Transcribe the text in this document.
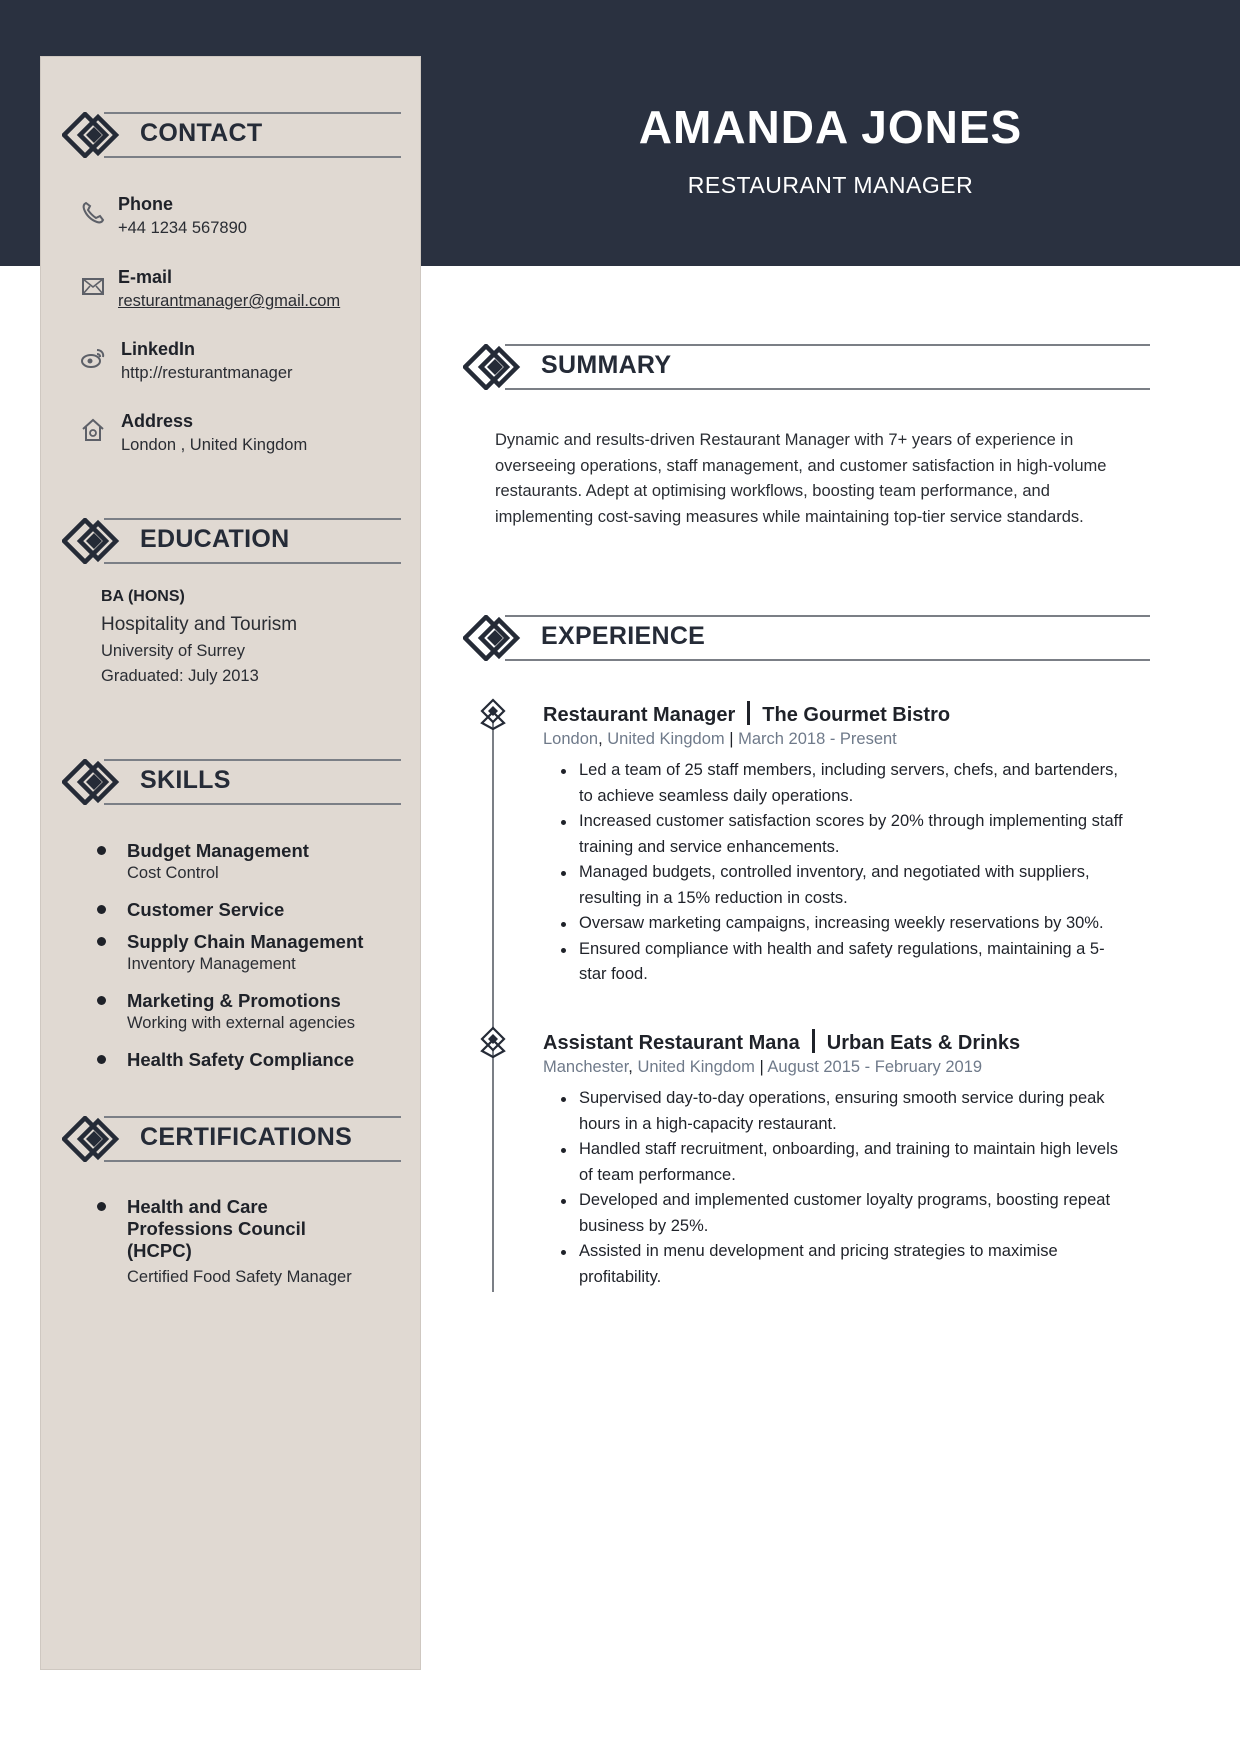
AMANDA JONES
RESTAURANT MANAGER
CONTACT
Phone
+44 1234 567890
E-mail
resturantmanager@gmail.com
LinkedIn
http://resturantmanager
Address
London , United Kingdom
EDUCATION
BA (HONS)
Hospitality and Tourism
University of Surrey
Graduated: July 2013
SKILLS
Budget Management
Cost Control
Customer Service
Supply Chain Management
Inventory Management
Marketing & Promotions
Working with external agencies
Health Safety Compliance
CERTIFICATIONS
Health and Care Professions Council (HCPC)
Certified Food Safety Manager
SUMMARY
Dynamic and results-driven Restaurant Manager with 7+ years of experience in overseeing operations, staff management, and customer satisfaction in high-volume restaurants. Adept at optimising workflows, boosting team performance, and implementing cost-saving measures while maintaining top-tier service standards.
EXPERIENCE
Restaurant Manager The Gourmet Bistro
London, United Kingdom | March 2018 - Present
Led a team of 25 staff members, including servers, chefs, and bartenders, to achieve seamless daily operations.
Increased customer satisfaction scores by 20% through implementing staff training and service enhancements.
Managed budgets, controlled inventory, and negotiated with suppliers, resulting in a 15% reduction in costs.
Oversaw marketing campaigns, increasing weekly reservations by 30%.
Ensured compliance with health and safety regulations, maintaining a 5-star food.
Assistant Restaurant Mana Urban Eats & Drinks
Manchester, United Kingdom | August 2015 - February 2019
Supervised day-to-day operations, ensuring smooth service during peak hours in a high-capacity restaurant.
Handled staff recruitment, onboarding, and training to maintain high levels of team performance.
Developed and implemented customer loyalty programs, boosting repeat business by 25%.
Assisted in menu development and pricing strategies to maximise profitability.
